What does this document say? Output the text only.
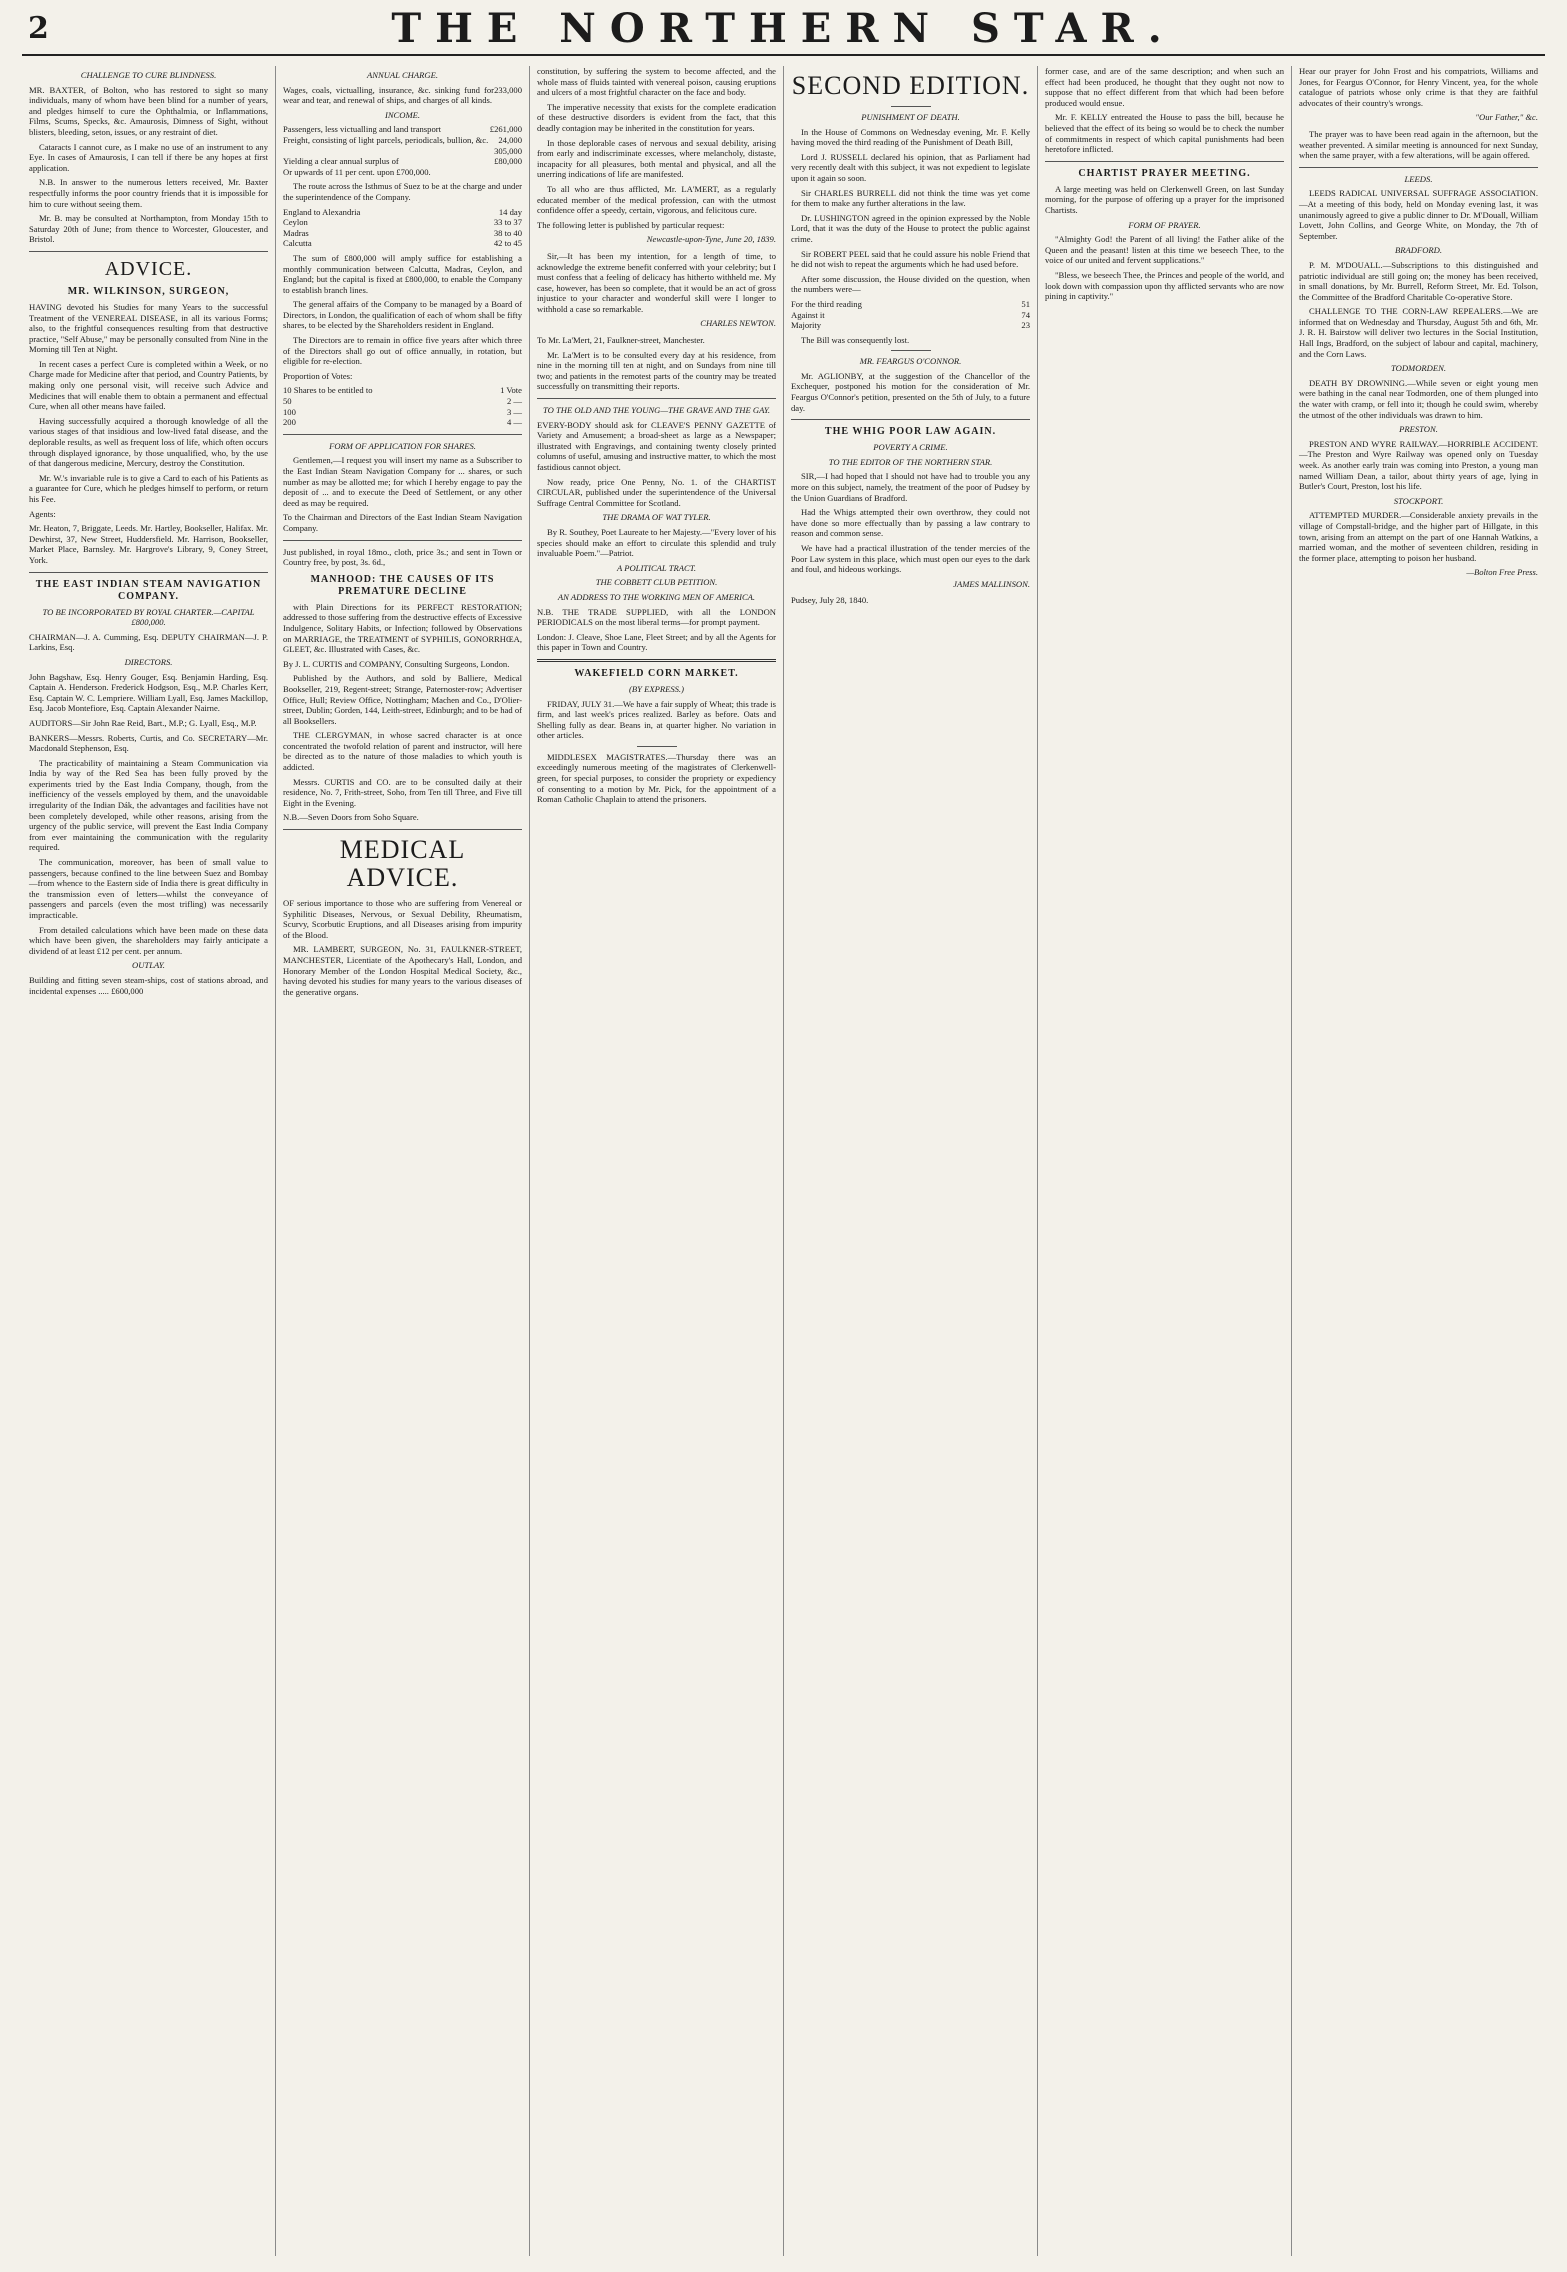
2	THE NORTHERN STAR.
CHALLENGE TO CURE BLINDNESS.

MR. BAXTER, of Bolton, who has restored to sight so many individuals, many of whom have been blind for a number of years, and pledges himself to cure the Ophthalmia, or Inflammations, Films, Scums, Specks, &c. Amaurosis, Dimness of Sight, without blisters, bleeding, seton, issues, or any restraint of diet.

Cataracts I cannot cure, as I make no use of an instrument to any Eye. In cases of Amaurosis, I can tell if there be any hopes at first application.

N.B. In answer to the numerous letters received, Mr. Baxter respectfully informs the poor country friends that it is impossible for him to cure without seeing them.

Mr. B. may be consulted at Northampton, from Monday 15th to Saturday 20th of June; from thence to Worcester, Gloucester, and Bristol.

ADVICE.
MR. WILKINSON, SURGEON,

HAVING devoted his Studies for many Years to the successful Treatment of the VENEREAL DISEASE, in all its various Forms; also, to the frightful consequences resulting from that destructive practice, "Self Abuse," may be personally consulted from Nine in the Morning till Ten at Night.

In recent cases a perfect Cure is completed within a Week, or no Charge made for Medicine after that period, and Country Patients, by making only one personal visit, will receive such Advice and Medicines that will enable them to obtain a permanent and effectual Cure, when all other means have failed.

Having successfully acquired a thorough knowledge of all the various stages of that insidious and low-lived fatal disease, and the deplorable results, as well as frequent loss of life, which often occurs through displayed ignorance, by those unqualified, who, by the use of that dangerous medicine, Mercury, destroy the Constitution.

Mr. W.'s invariable rule is to give a Card to each of his Patients as a guarantee for Cure, which he pledges himself to perform, or return his Fee.

Agents:

Mr. Heaton, 7, Briggate, Leeds. Mr. Hartley, Bookseller, Halifax. Mr. Dewhirst, 37, New Street, Huddersfield. Mr. Harrison, Bookseller, Market Place, Barnsley. Mr. Hargrove's Library, 9, Coney Street, York.

THE EAST INDIAN STEAM NAVIGATION COMPANY.
TO BE INCORPORATED BY ROYAL CHARTER.—CAPITAL £800,000.

CHAIRMAN—J. A. Cumming, Esq. DEPUTY CHAIRMAN—J. P. Larkins, Esq.

DIRECTORS.

John Bagshaw, Esq. Henry Gouger, Esq. Benjamin Harding, Esq. Captain A. Henderson. Frederick Hodgson, Esq., M.P. Charles Kerr, Esq. Captain W. C. Lempriere. William Lyall, Esq. James Mackillop, Esq. Jacob Montefiore, Esq. Captain Alexander Nairne.

AUDITORS—Sir John Rae Reid, Bart., M.P.; G. Lyall, Esq., M.P.

BANKERS—Messrs. Roberts, Curtis, and Co. SECRETARY—Mr. Macdonald Stephenson, Esq.

The practicability of maintaining a Steam Communication via India by way of the Red Sea has been fully proved by the experiments tried by the East India Company, though, from the inefficiency of the vessels employed by them, and the unavoidable irregularity of the Indian Dák, the advantages and facilities have not been completely developed, while other reasons, arising from the urgency of the public service, will prevent the East India Company from ever maintaining the communication with the regularity required.

The communication, moreover, has been of small value to passengers, because confined to the line between Suez and Bombay—from whence to the Eastern side of India there is great difficulty in the transmission even of letters—whilst the conveyance of passengers and parcels (even the most trifling) was necessarily impracticable.

From detailed calculations which have been made on these data which have been given, the shareholders may fairly anticipate a dividend of at least £12 per cent. per annum.

OUTLAY.

Building and fitting seven steam-ships, cost of stations abroad, and incidental expenses ..... £600,000

ANNUAL CHARGE.
Wages, coals, victualling, insurance, &c. sinking fund for wear and tear, and renewal of ships, and charges of all kinds.	233,000
INCOME.
Passengers, less victualling and land transport	£261,000
Freight, consisting of light parcels, periodicals, bullion, &c.	24,000
	305,000
Yielding a clear annual surplus of	£80,000
Or upwards of 11 per cent. upon £700,000.	

The route across the Isthmus of Suez to be at the charge and under the superintendence of the Company.

England to Alexandria	14 day
Ceylon	33 to 37
Madras	38 to 40
Calcutta	42 to 45

The sum of £800,000 will amply suffice for establishing a monthly communication between Calcutta, Madras, Ceylon, and England; but the capital is fixed at £800,000, to enable the Company to establish branch lines.

The general affairs of the Company to be managed by a Board of Directors, in London, the qualification of each of whom shall be fifty shares, to be elected by the Shareholders resident in England.

The Directors are to remain in office five years after which three of the Directors shall go out of office annually, in rotation, but eligible for re-election.

Proportion of Votes:

10 Shares to be entitled to	1 Vote
50	2 —
100	3 —
200	4 —
FORM OF APPLICATION FOR SHARES.

Gentlemen,—I request you will insert my name as a Subscriber to the East Indian Steam Navigation Company for ... shares, or such number as may be allotted me; for which I hereby engage to pay the deposit of ... and to execute the Deed of Settlement, or any other deed as may be required.

To the Chairman and Directors of the East Indian Steam Navigation Company.

Just published, in royal 18mo., cloth, price 3s.; and sent in Town or Country free, by post, 3s. 6d.,

MANHOOD: THE CAUSES OF ITS PREMATURE DECLINE

with Plain Directions for its PERFECT RESTORATION; addressed to those suffering from the destructive effects of Excessive Indulgence, Solitary Habits, or Infection; followed by Observations on MARRIAGE, the TREATMENT of SYPHILIS, GONORRHŒA, GLEET, &c. Illustrated with Cases, &c.

By J. L. CURTIS and COMPANY, Consulting Surgeons, London.

Published by the Authors, and sold by Balliere, Medical Bookseller, 219, Regent-street; Strange, Paternoster-row; Advertiser Office, Hull; Review Office, Nottingham; Machen and Co., D'Olier-street, Dublin; Gorden, 144, Leith-street, Edinburgh; and to be had of all Booksellers.

THE CLERGYMAN, in whose sacred character is at once concentrated the twofold relation of parent and instructor, will here be directed as to the nature of those maladies to which youth is addicted.

Messrs. CURTIS and CO. are to be consulted daily at their residence, No. 7, Frith-street, Soho, from Ten till Three, and Five till Eight in the Evening.

N.B.—Seven Doors from Soho Square.

MEDICAL ADVICE.

OF serious importance to those who are suffering from Venereal or Syphilitic Diseases, Nervous, or Sexual Debility, Rheumatism, Scurvy, Scorbutic Eruptions, and all Diseases arising from impurity of the Blood.

MR. LAMBERT, SURGEON, No. 31, FAULKNER-STREET, MANCHESTER, Licentiate of the Apothecary's Hall, London, and Honorary Member of the London Hospital Medical Society, &c., having devoted his studies for many years to the various diseases of the generative organs.

constitution, by suffering the system to become affected, and the whole mass of fluids tainted with venereal poison, causing eruptions and ulcers of a most frightful character on the face and body.

The imperative necessity that exists for the complete eradication of these destructive disorders is evident from the fact, that this deadly contagion may be inherited in the constitution for years.

In those deplorable cases of nervous and sexual debility, arising from early and indiscriminate excesses, where melancholy, distaste, incapacity for all pleasures, both mental and physical, and all the unerring indications of life are manifested.

To all who are thus afflicted, Mr. LA'MERT, as a regularly educated member of the medical profession, can with the utmost confidence offer a speedy, certain, vigorous, and felicitous cure.

The following letter is published by particular request:

Newcastle-upon-Tyne, June 20, 1839.

Sir,—It has been my intention, for a length of time, to acknowledge the extreme benefit conferred with your celebrity; but I must confess that a feeling of delicacy has hitherto withheld me. My case, however, has been so complete, that it would be an act of gross injustice to your character and wonderful skill were I longer to withhold a case so remarkable.

CHARLES NEWTON.

To Mr. La'Mert, 21, Faulkner-street, Manchester.

Mr. La'Mert is to be consulted every day at his residence, from nine in the morning till ten at night, and on Sundays from nine till two; and patients in the remotest parts of the country may be treated successfully on transmitting their reports.

TO THE OLD AND THE YOUNG—THE GRAVE AND THE GAY.

EVERY-BODY should ask for CLEAVE'S PENNY GAZETTE of Variety and Amusement; a broad-sheet as large as a Newspaper; illustrated with Engravings, and containing twenty closely printed columns of useful, amusing and instructive matter, to which the most fastidious cannot object.

Now ready, price One Penny, No. 1. of the CHARTIST CIRCULAR, published under the superintendence of the Universal Suffrage Central Committee for Scotland.

THE DRAMA OF WAT TYLER.

By R. Southey, Poet Laureate to her Majesty.—"Every lover of his species should make an effort to circulate this splendid and truly invaluable Poem."—Patriot.

A POLITICAL TRACT.
THE COBBETT CLUB PETITION.
AN ADDRESS TO THE WORKING MEN OF AMERICA.

N.B. THE TRADE SUPPLIED, with all the LONDON PERIODICALS on the most liberal terms—for prompt payment.

London: J. Cleave, Shoe Lane, Fleet Street; and by all the Agents for this paper in Town and Country.

WAKEFIELD CORN MARKET.
(BY EXPRESS.)

FRIDAY, JULY 31.—We have a fair supply of Wheat; this trade is firm, and last week's prices realized. Barley as before. Oats and Shelling fully as dear. Beans in, at quarter higher. No variation in other articles.

MIDDLESEX MAGISTRATES.—Thursday there was an exceedingly numerous meeting of the magistrates of Clerkenwell-green, for special purposes, to consider the propriety or expediency of consenting to a motion by Mr. Pick, for the appointment of a Roman Catholic Chaplain to attend the prisoners.

SECOND EDITION.
PUNISHMENT OF DEATH.

In the House of Commons on Wednesday evening, Mr. F. Kelly having moved the third reading of the Punishment of Death Bill,

Lord J. RUSSELL declared his opinion, that as Parliament had very recently dealt with this subject, it was not expedient to legislate upon it again so soon.

Sir CHARLES BURRELL did not think the time was yet come for them to make any further alterations in the law.

Dr. LUSHINGTON agreed in the opinion expressed by the Noble Lord, that it was the duty of the House to protect the public against crime.

Sir ROBERT PEEL said that he could assure his noble Friend that he did not wish to repeat the arguments which he had used before.

After some discussion, the House divided on the question, when the numbers were—

For the third reading	51
Against it	74
Majority	23

The Bill was consequently lost.

MR. FEARGUS O'CONNOR.

Mr. AGLIONBY, at the suggestion of the Chancellor of the Exchequer, postponed his motion for the consideration of Mr. Feargus O'Connor's petition, presented on the 5th of July, to a future day.

THE WHIG POOR LAW AGAIN.
POVERTY A CRIME.
TO THE EDITOR OF THE NORTHERN STAR.

SIR,—I had hoped that I should not have had to trouble you any more on this subject, namely, the treatment of the poor of Pudsey by the Union Guardians of Bradford.

Had the Whigs attempted their own overthrow, they could not have done so more effectually than by passing a law contrary to reason and common sense.

We have had a practical illustration of the tender mercies of the Poor Law system in this place, which must open our eyes to the dark and foul, and hideous workings.

JAMES MALLINSON.

Pudsey, July 28, 1840.

former case, and are of the same description; and when such an effect had been produced, he thought that they ought not now to suppose that no effect different from that which had been before produced would ensue.

Mr. F. KELLY entreated the House to pass the bill, because he believed that the effect of its being so would be to check the number of commitments in respect of which capital punishments had been heretofore inflicted.

CHARTIST PRAYER MEETING.

A large meeting was held on Clerkenwell Green, on last Sunday morning, for the purpose of offering up a prayer for the imprisoned Chartists.

FORM OF PRAYER.

"Almighty God! the Parent of all living! the Father alike of the Queen and the peasant! listen at this time we beseech Thee, to the voice of our united and fervent supplications."

"Bless, we beseech Thee, the Princes and people of the world, and look down with compassion upon thy afflicted servants who are now pining in captivity."

Hear our prayer for John Frost and his compatriots, Williams and Jones, for Feargus O'Connor, for Henry Vincent, yea, for the whole catalogue of patriots whose only crime is that they are faithful advocates of their country's wrongs.

"Our Father," &c.

The prayer was to have been read again in the afternoon, but the weather prevented. A similar meeting is announced for next Sunday, when the same prayer, with a few alterations, will be again offered.

LEEDS.

LEEDS RADICAL UNIVERSAL SUFFRAGE ASSOCIATION.—At a meeting of this body, held on Monday evening last, it was unanimously agreed to give a public dinner to Dr. M'Douall, William Lovett, John Collins, and George White, on Monday, the 7th of September.

BRADFORD.

P. M. M'DOUALL.—Subscriptions to this distinguished and patriotic individual are still going on; the money has been received, in small donations, by Mr. Burrell, Reform Street, Mr. Ed. Tolson, the Committee of the Bradford Charitable Co-operative Store.

CHALLENGE TO THE CORN-LAW REPEALERS.—We are informed that on Wednesday and Thursday, August 5th and 6th, Mr. J. R. H. Bairstow will deliver two lectures in the Social Institution, Hall Ings, Bradford, on the subject of labour and capital, machinery, and the Corn Laws.

TODMORDEN.

DEATH BY DROWNING.—While seven or eight young men were bathing in the canal near Todmorden, one of them plunged into the water with cramp, or fell into it; though he could swim, whereby the utmost of the other individuals was drawn to him.

PRESTON.

PRESTON AND WYRE RAILWAY.—HORRIBLE ACCIDENT.—The Preston and Wyre Railway was opened only on Tuesday week. As another early train was coming into Preston, a young man named William Dean, a tailor, about thirty years of age, lying in Butler's Court, Preston, lost his life.

STOCKPORT.

ATTEMPTED MURDER.—Considerable anxiety prevails in the village of Compstall-bridge, and the higher part of Hillgate, in this town, arising from an attempt on the part of one Hannah Watkins, a married woman, and the mother of seventeen children, residing in the former place, attempting to poison her husband.

—Bolton Free Press.
